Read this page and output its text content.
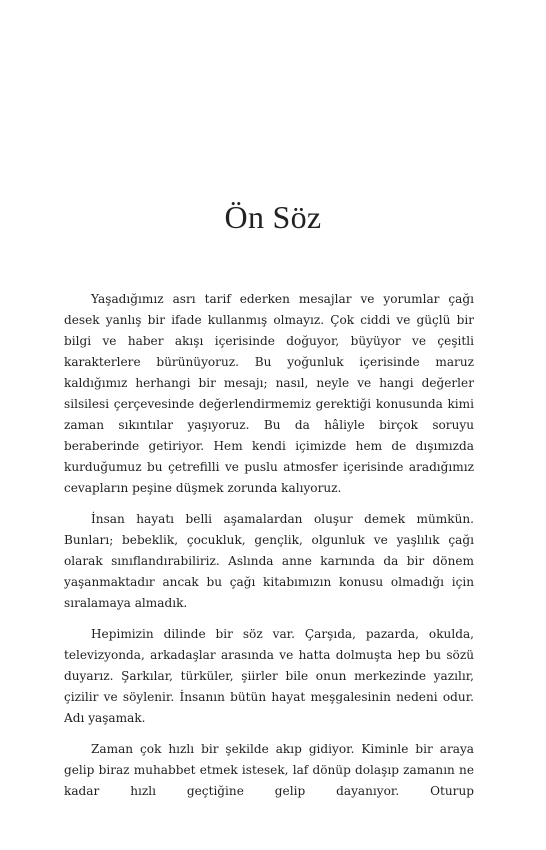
Ön Söz

Yaşadığımız asrı tarif ederken mesajlar ve yorumlar çağı desek yanlış bir ifade kullanmış olmayız. Çok ciddi ve güçlü bir bilgi ve haber akışı içerisinde doğuyor, büyüyor ve çeşitli karakterlere bürünüyoruz. Bu yoğunluk içerisinde maruz kaldığımız herhangi bir mesajı; nasıl, neyle ve hangi değerler silsilesi çerçevesinde değerlendirmemiz gerektiği konusunda kimi zaman sıkıntılar yaşıyoruz. Bu da hâliyle birçok soruyu beraberinde getiriyor. Hem kendi içimizde hem de dışımızda kurduğumuz bu çetrefilli ve puslu atmosfer içerisinde aradığımız cevapların peşine düşmek zorunda kalıyoruz.

İnsan hayatı belli aşamalardan oluşur demek mümkün. Bunları; bebeklik, çocukluk, gençlik, olgunluk ve yaşlılık çağı olarak sınıflandırabiliriz. Aslında anne karnında da bir dönem yaşanmaktadır ancak bu çağı kitabımızın konusu olmadığı için sıralamaya almadık.

Hepimizin dilinde bir söz var. Çarşıda, pazarda, okulda, televizyonda, arkadaşlar arasında ve hatta dolmuşta hep bu sözü duyarız. Şarkılar, türküler, şiirler bile onun merkezinde yazılır, çizilir ve söylenir. İnsanın bütün hayat meşgalesinin nedeni odur. Adı yaşamak.

Zaman çok hızlı bir şekilde akıp gidiyor. Kiminle bir araya gelip biraz muhabbet etmek istesek, laf dönüp dolaşıp zamanın ne kadar hızlı geçtiğine gelip dayanıyor. Oturup
